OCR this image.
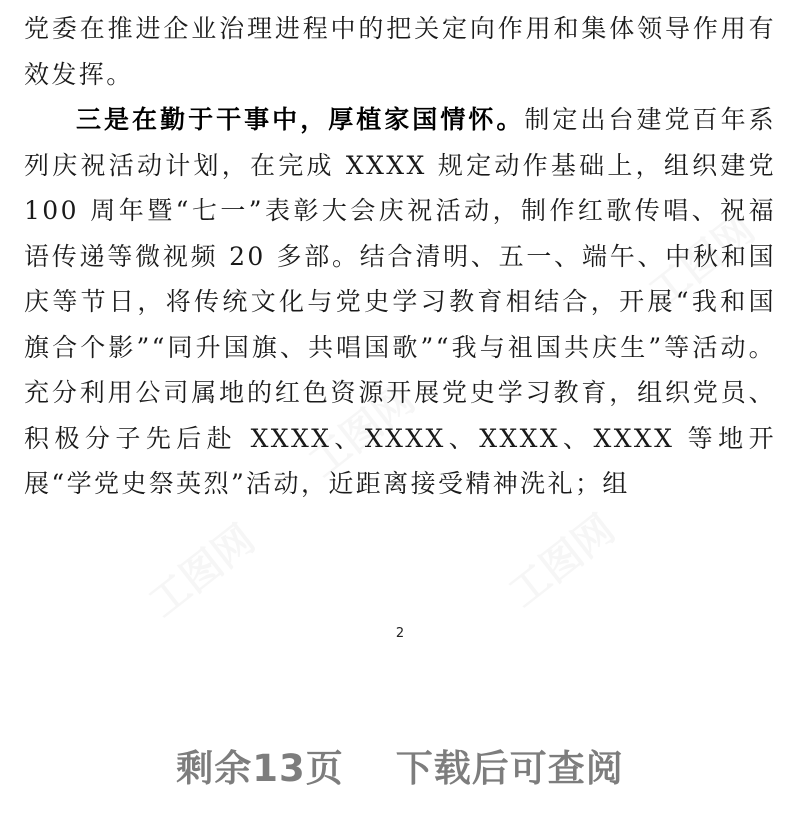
工图网	工图网
工图网
工图网

党委在推进企业治理进程中的把关定向作用和集体领导作用有效发挥。

三是在勤于干事中，厚植家国情怀。制定出台建党百年系列庆祝活动计划，在完成 XXXX 规定动作基础上，组织建党 100 周年暨“七一”表彰大会庆祝活动，制作红歌传唱、祝福语传递等微视频 20 多部。结合清明、五一、端午、中秋和国庆等节日，将传统文化与党史学习教育相结合，开展“我和国旗合个影”“同升国旗、共唱国歌”“我与祖国共庆生”等活动。充分利用公司属地的红色资源开展党史学习教育，组织党员、积极分子先后赴 XXXX、XXXX、XXXX、XXXX 等地开展“学党史祭英烈”活动，近距离接受精神洗礼；组

2
剩余13页 下载后可查阅
